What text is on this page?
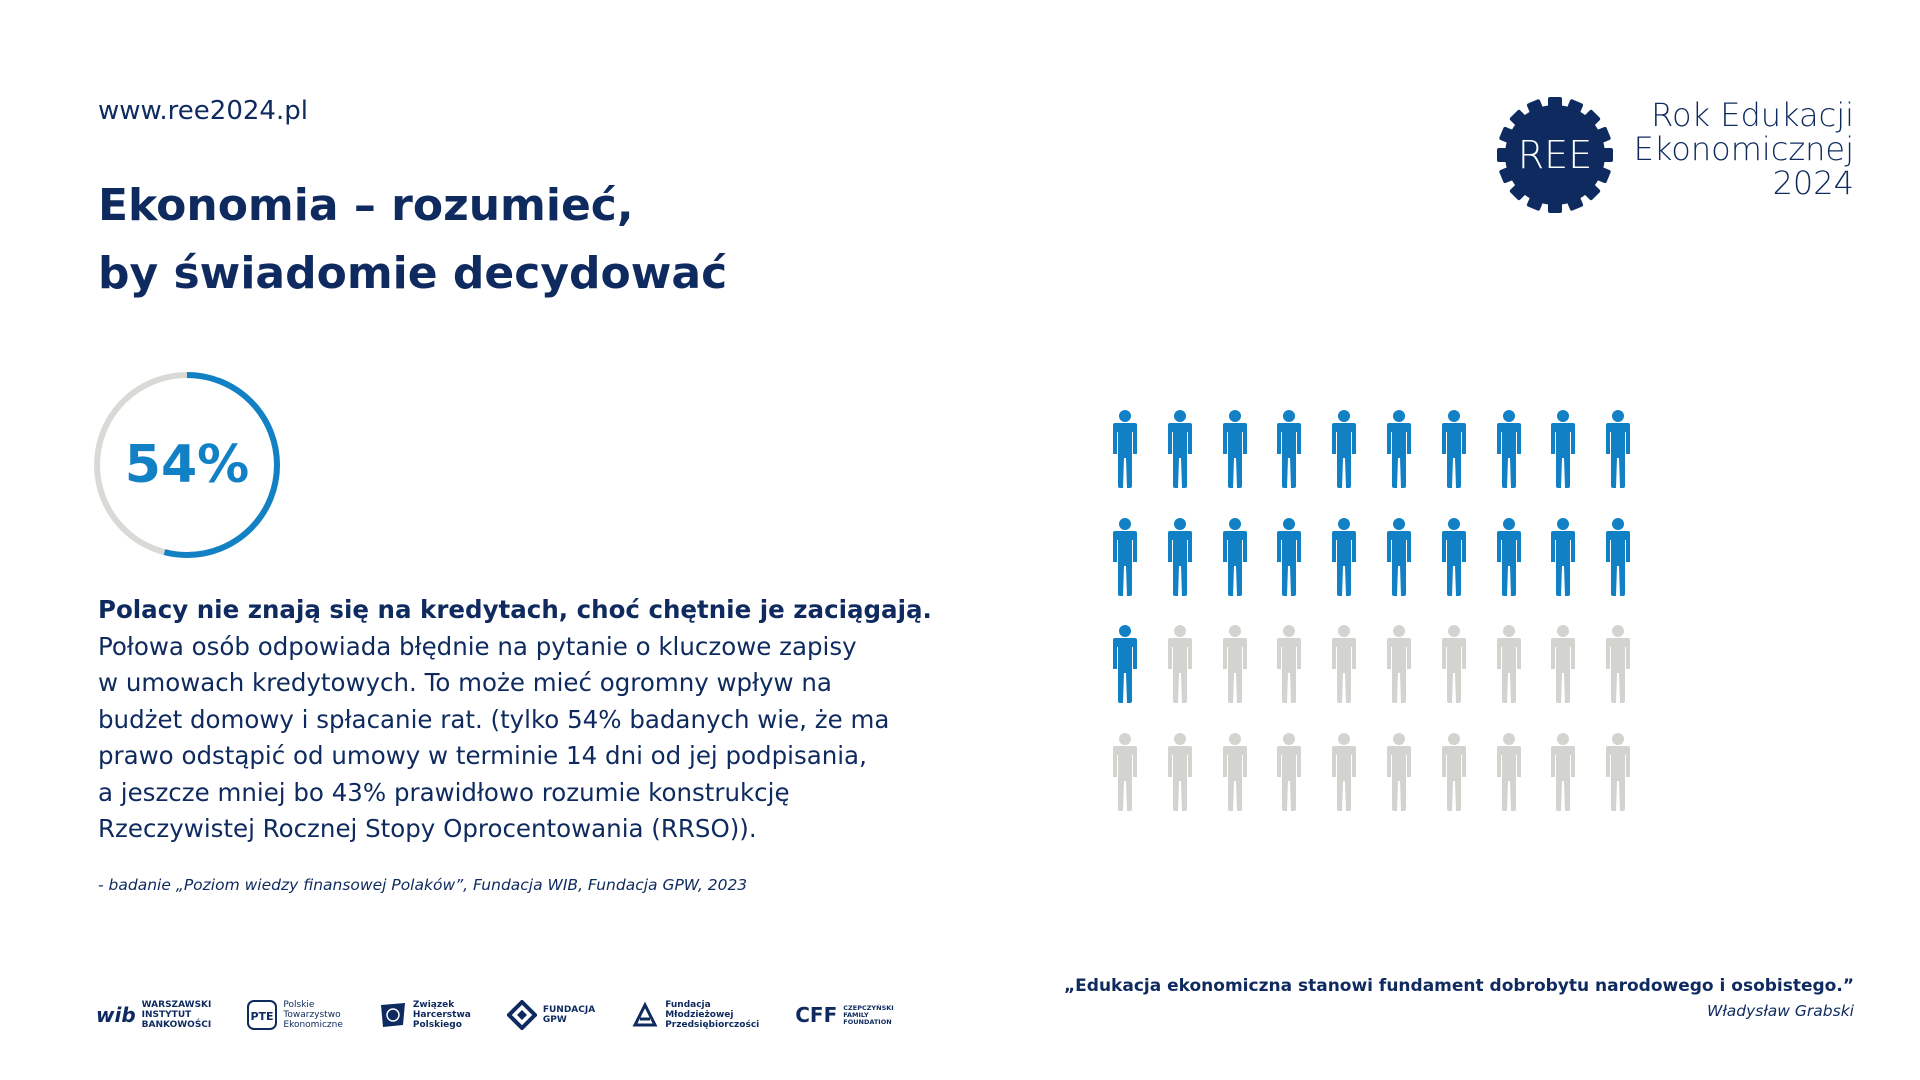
www.ree2024.pl
Ekonomia – rozumieć,
by świadomie decydować
REE
Rok Edukacji
Ekonomicznej
2024
54%
Polacy nie znają się na kredytach, choć chętnie je zaciągają.
Połowa osób odpowiada błędnie na pytanie o kluczowe zapisy
w umowach kredytowych. To może mieć ogromny wpływ na
budżet domowy i spłacanie rat. (tylko 54% badanych wie, że ma
prawo odstąpić od umowy w terminie 14 dni od jej podpisania,
a jeszcze mniej bo 43% prawidłowo rozumie konstrukcję
Rzeczywistej Rocznej Stopy Oprocentowania (RRSO)).
- badanie „Poziom wiedzy finansowej Polaków”, Fundacja WIB, Fundacja GPW, 2023
„Edukacja ekonomiczna stanowi fundament dobrobytu narodowego i osobistego.”
Władysław Grabski
wib WARSZAWSKI
INSTYTUT
BANKOWOŚCI
PTE
Polskie
Towarzystwo
Ekonomiczne
Związek
Harcerstwa
Polskiego
FUNDACJA
GPW
Fundacja
Młodzieżowej
Przedsiębiorczości CFF CZEPCZYŃSKI
FAMILY
FOUNDATION
